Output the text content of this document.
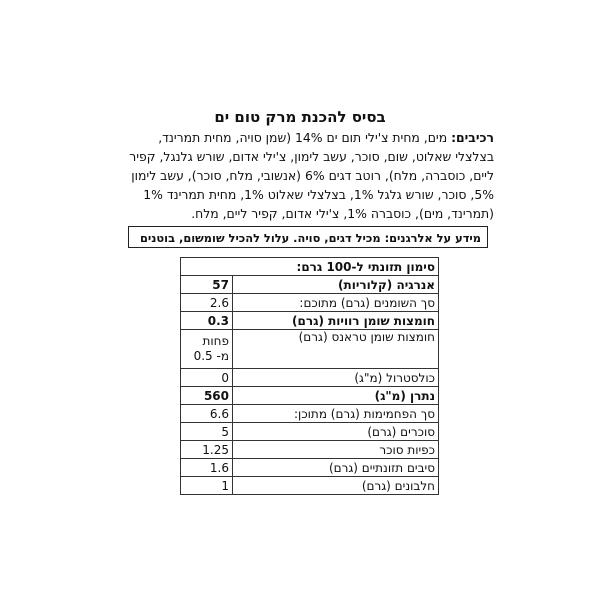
בסיס להכנת מרק טום ים
רכיבים: מים, מחית צ'ילי תום ים 14% (שמן סויה, מחית תמרינד, בצלצלי שאלוט, שום, סוכר, עשב לימון, צ'ילי אדום, שורש גלנגל, קפיר ליים, כוסברה, מלח), רוטב דגים 6% (אנשובי, מלח, סוכר), עשב לימון 5%, סוכר, שורש גלגל 1%, בצלצלי שאלוט 1%, מחית תמרינד 1% (תמרינד, מים), כוסברה 1%, צ'ילי אדום, קפיר ליים, מלח.
מידע על אלרגנים: מכיל דגים, סויה. עלול להכיל שומשום, בוטנים
סימון תזונתי ל-100 גרם:	
אנרגיה (קלוריות)	57
סך השומנים (גרם) מתוכם:	2.6
חומצות שומן רוויות (גרם)	0.3
חומצות שומן טראנס (גרם)	פחות
מ- 0.5

כולסטרול (מ"ג)	0
נתרן (מ"ג)	560
סך הפחמימות (גרם) מתוכן:	6.6
סוכרים (גרם)	5
כפיות סוכר	1.25
סיבים תזונתיים (גרם)	1.6
חלבונים (גרם)	1
